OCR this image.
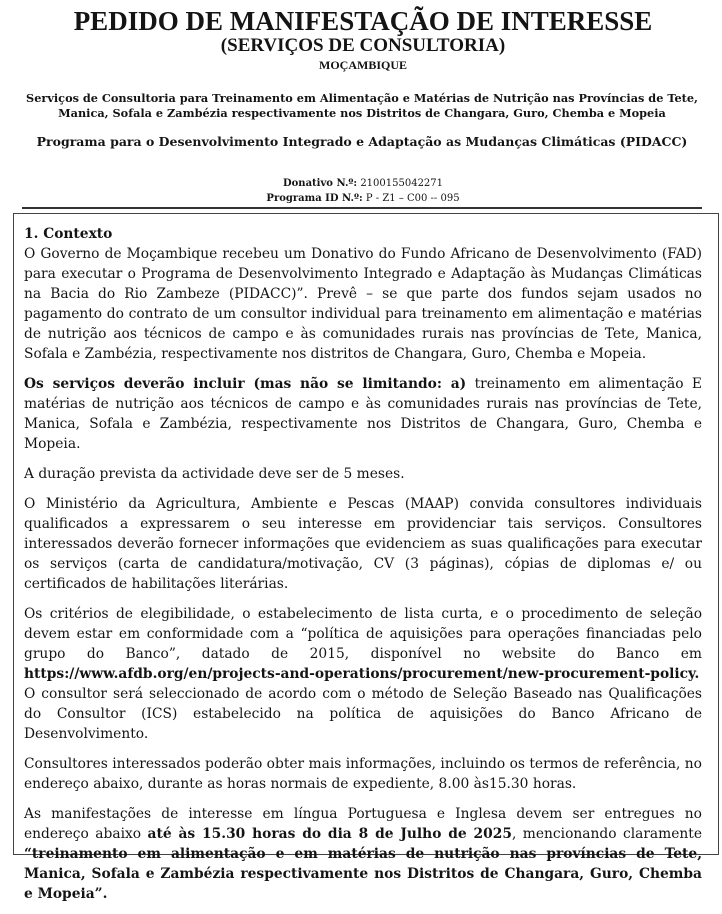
PEDIDO DE MANIFESTAÇÃO DE INTERESSE
(SERVIÇOS DE CONSULTORIA)
MOÇAMBIQUE
Serviços de Consultoria para Treinamento em Alimentação e Matérias de Nutrição nas Províncias de Tete, Manica, Sofala e Zambézia respectivamente nos Distritos de Changara, Guro, Chemba e Mopeia
Programa para o Desenvolvimento Integrado e Adaptação as Mudanças Climáticas (PIDACC)
Donativo N.º: 2100155042271
Programa ID N.º: P - Z1 – C00 -- 095
1. Contexto

O Governo de Moçambique recebeu um Donativo do Fundo Africano de Desenvolvimento (FAD) para executar o Programa de Desenvolvimento Integrado e Adaptação às Mudanças Climáticas na Bacia do Rio Zambeze (PIDACC)”. Prevê – se que parte dos fundos sejam usados no pagamento do contrato de um consultor individual para treinamento em alimentação e matérias de nutrição aos técnicos de campo e às comunidades rurais nas províncias de Tete, Manica, Sofala e Zambézia, respectivamente nos distritos de Changara, Guro, Chemba e Mopeia.

Os serviços deverão incluir (mas não se limitando: a) treinamento em alimentação E matérias de nutrição aos técnicos de campo e às comunidades rurais nas províncias de Tete, Manica, Sofala e Zambézia, respectivamente nos Distritos de Changara, Guro, Chemba e Mopeia.

A duração prevista da actividade deve ser de 5 meses.

O Ministério da Agricultura, Ambiente e Pescas (MAAP) convida consultores individuais qualificados a expressarem o seu interesse em providenciar tais serviços. Consultores interessados deverão fornecer informações que evidenciem as suas qualificações para executar os serviços (carta de candidatura/motivação, CV (3 páginas), cópias de diplomas e/ ou certificados de habilitações literárias.

Os critérios de elegibilidade, o estabelecimento de lista curta, e o procedimento de seleção devem estar em conformidade com a “política de aquisições para operações financiadas pelo grupo do Banco”, datado de 2015, disponível no website do Banco em https://www.afdb.org/en/projects-and-operations/procurement/new-procurement-policy. O consultor será seleccionado de acordo com o método de Seleção Baseado nas Qualificações do Consultor (ICS) estabelecido na política de aquisições do Banco Africano de Desenvolvimento.

Consultores interessados poderão obter mais informações, incluindo os termos de referência, no endereço abaixo, durante as horas normais de expediente, 8.00 às15.30 horas.

As manifestações de interesse em língua Portuguesa e Inglesa devem ser entregues no endereço abaixo até às 15.30 horas do dia 8 de Julho de 2025, mencionando claramente “treinamento em alimentação e em matérias de nutrição nas províncias de Tete, Manica, Sofala e Zambézia respectivamente nos Distritos de Changara, Guro, Chemba e Mopeia”.
